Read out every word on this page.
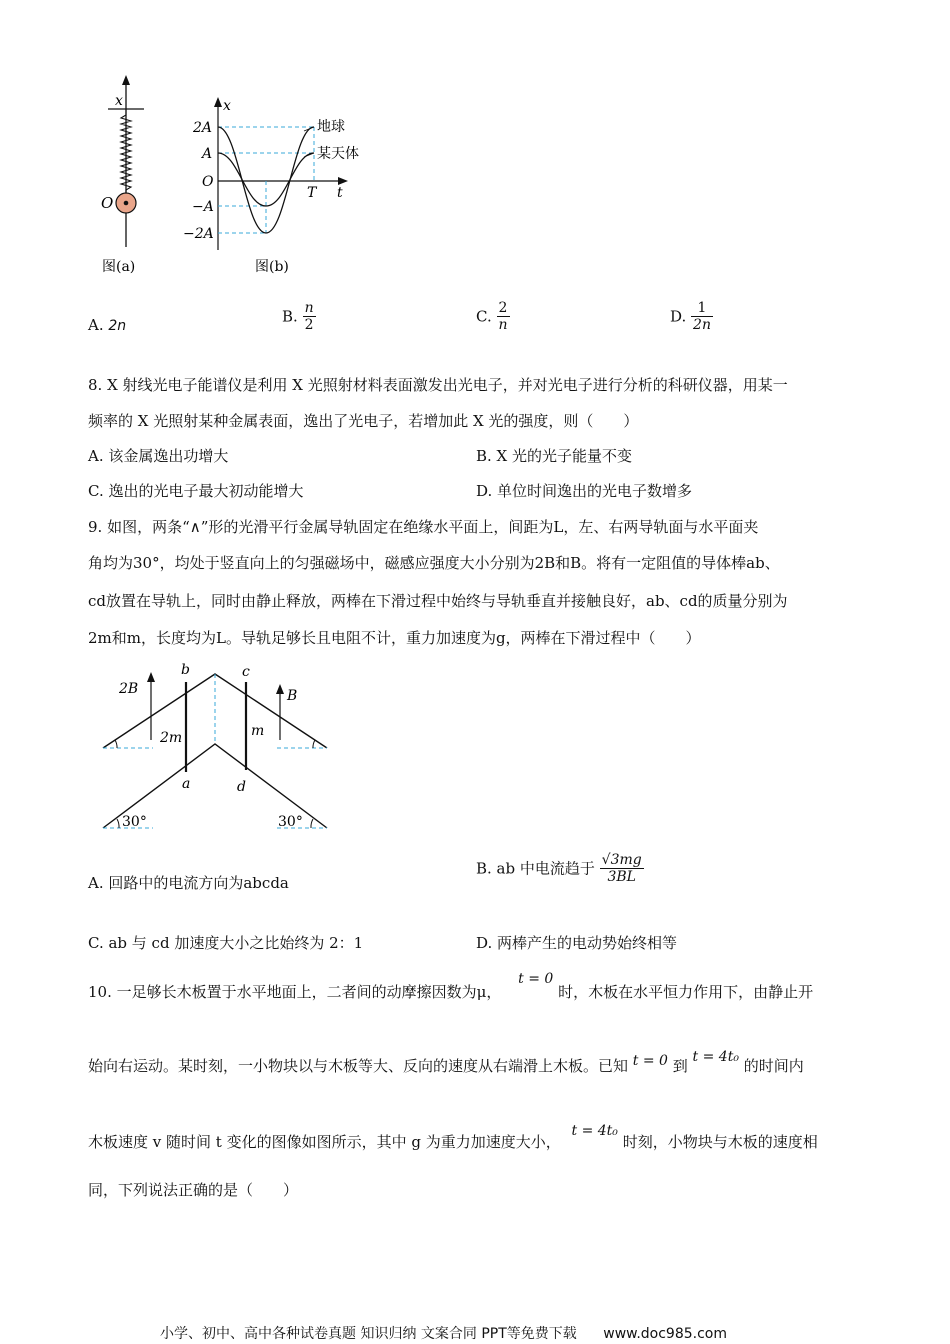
x
O
图(a)
x
2A
A
O
−A
−2A
T t
地球
某天体
图(b)
A. 2n
B. $\frac{n}{2}$	C. $\frac{2}{n}$	D. $\frac{1}{2n}$
8. X 射线光电子能谱仪是利用 X 光照射材料表面激发出光电子，并对光电子进行分析的科研仪器，用某一
频率的 X 光照射某种金属表面，逸出了光电子，若增加此 X 光的强度，则（　　）
A. 该金属逸出功增大	B. X 光的光子能量不变
C. 逸出的光电子最大初动能增大	D. 单位时间逸出的光电子数增多
9. 如图，两条“∧”形的光滑平行金属导轨固定在绝缘水平面上，间距为L，左、右两导轨面与水平面夹
角均为30°，均处于竖直向上的匀强磁场中，磁感应强度大小分别为2B和B。将有一定阻值的导体棒ab、
cd放置在导轨上，同时由静止释放，两棒在下滑过程中始终与导轨垂直并接触良好，ab、cd的质量分别为
2m和m，长度均为L。导轨足够长且电阻不计，重力加速度为g，两棒在下滑过程中（　　）
2B	B
b	c
a	d
2m	m
30°	30°
A. 回路中的电流方向为abcda
B. ab 中电流趋于 $\frac{√3mg}{3BL}$
C. ab 与 cd 加速度大小之比始终为 2：1	D. 两棒产生的电动势始终相等
10. 一足够长木板置于水平地面上，二者间的动摩擦因数为μ， t = 0 时，木板在水平恒力作用下，由静止开
始向右运动。某时刻，一小物块以与木板等大、反向的速度从右端滑上木板。已知 t = 0 到 t = 4t₀ 的时间内
木板速度 v 随时间 t 变化的图像如图所示，其中 g 为重力加速度大小， t = 4t₀ 时刻，小物块与木板的速度相
同，下列说法正确的是（　　）
小学、初中、高中各种试卷真题 知识归纳 文案合同 PPT等免费下载 www.doc985.com
